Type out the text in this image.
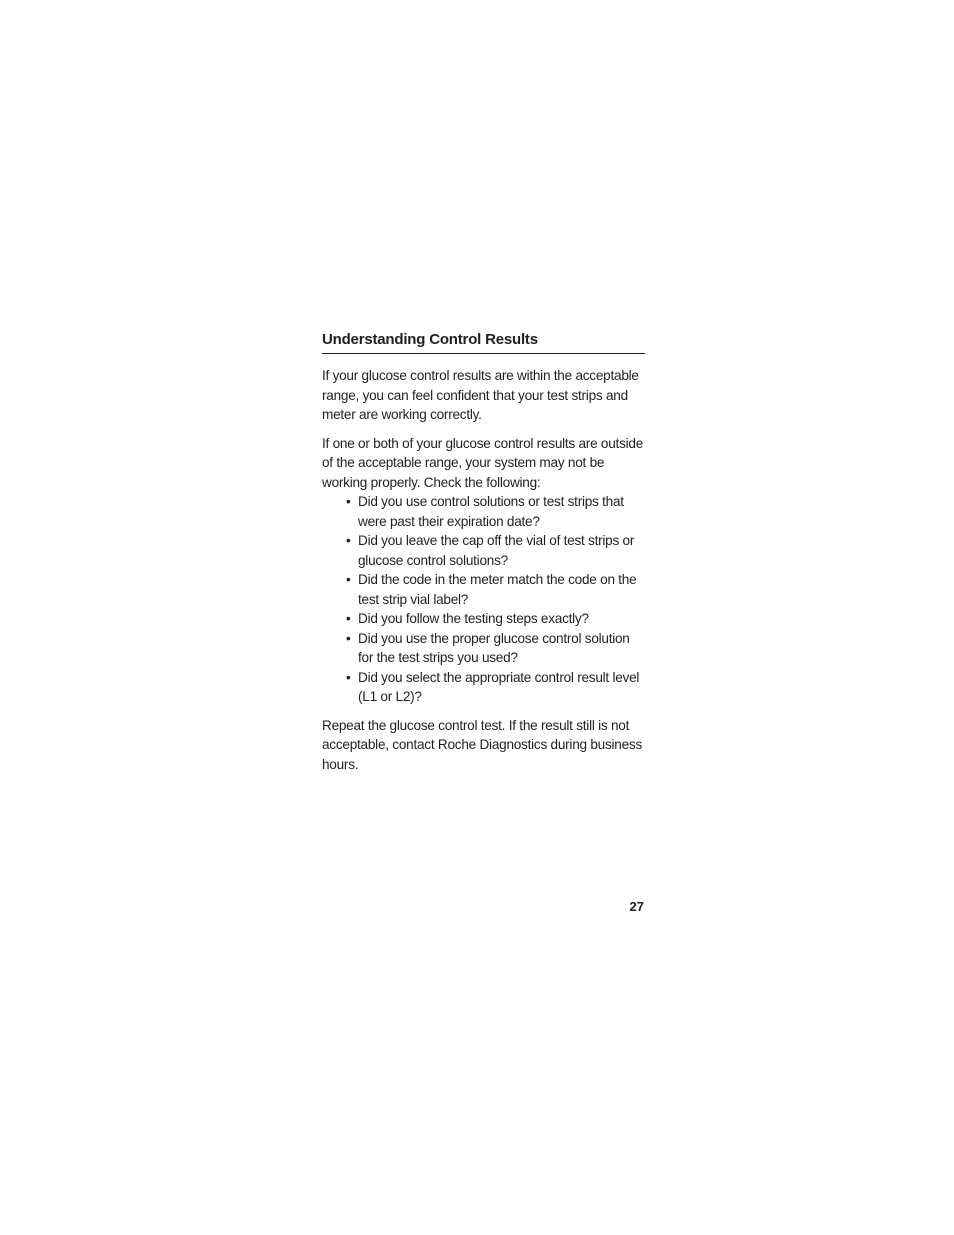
Understanding Control Results

If your glucose control results are within the acceptable range, you can feel confident that your test strips and meter are working correctly.

If one or both of your glucose control results are outside of the acceptable range, your system may not be working properly. Check the following:

• Did you use control solutions or test strips that were past their expiration date?
• Did you leave the cap off the vial of test strips or glucose control solutions?
• Did the code in the meter match the code on the test strip vial label?
• Did you follow the testing steps exactly?
• Did you use the proper glucose control solution for the test strips you used?
• Did you select the appropriate control result level (L1 or L2)?

Repeat the glucose control test. If the result still is not acceptable, contact Roche Diagnostics during business hours.

27
